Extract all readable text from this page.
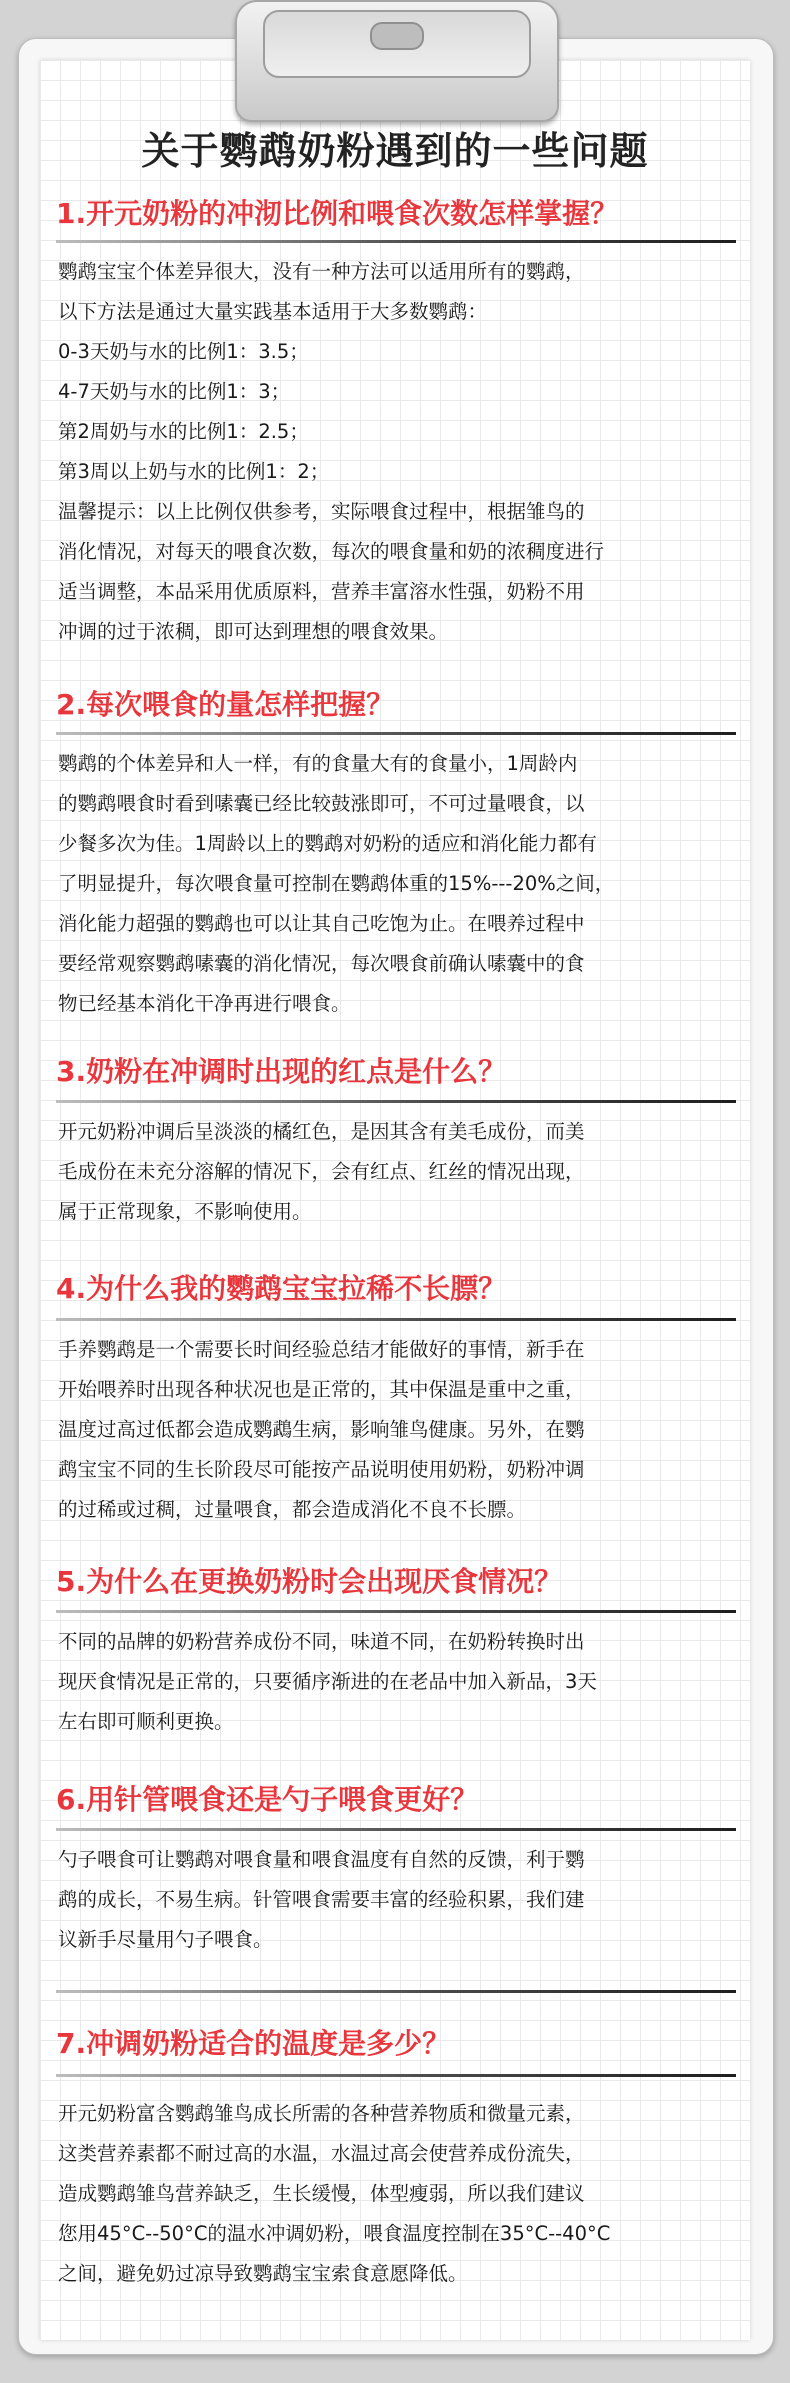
关于鹦鹉奶粉遇到的一些问题
1.开元奶粉的冲沏比例和喂食次数怎样掌握？

鹦鹉宝宝个体差异很大，没有一种方法可以适用所有的鹦鹉，

以下方法是通过大量实践基本适用于大多数鹦鹉：

0-3天奶与水的比例1：3.5；

4-7天奶与水的比例1：3；

第2周奶与水的比例1：2.5；

第3周以上奶与水的比例1：2；

温馨提示：以上比例仅供参考，实际喂食过程中，根据雏鸟的

消化情况，对每天的喂食次数，每次的喂食量和奶的浓稠度进行

适当调整，本品采用优质原料，营养丰富溶水性强，奶粉不用

冲调的过于浓稠，即可达到理想的喂食效果。

2.每次喂食的量怎样把握？

鹦鹉的个体差异和人一样，有的食量大有的食量小，1周龄内

的鹦鹉喂食时看到嗉囊已经比较鼓涨即可，不可过量喂食，以

少餐多次为佳。1周龄以上的鹦鹉对奶粉的适应和消化能力都有

了明显提升，每次喂食量可控制在鹦鹉体重的15%---20%之间，

消化能力超强的鹦鹉也可以让其自己吃饱为止。在喂养过程中

要经常观察鹦鹉嗉囊的消化情况，每次喂食前确认嗉囊中的食

物已经基本消化干净再进行喂食。

3.奶粉在冲调时出现的红点是什么？

开元奶粉冲调后呈淡淡的橘红色，是因其含有美毛成份，而美

毛成份在未充分溶解的情况下，会有红点、红丝的情况出现，

属于正常现象，不影响使用。

4.为什么我的鹦鹉宝宝拉稀不长膘？

手养鹦鹉是一个需要长时间经验总结才能做好的事情，新手在

开始喂养时出现各种状况也是正常的，其中保温是重中之重，

温度过高过低都会造成鹦鵡生病，影响雏鸟健康。另外，在鹦

鹉宝宝不同的生长阶段尽可能按产品说明使用奶粉，奶粉冲调

的过稀或过稠，过量喂食，都会造成消化不良不长膘。

5.为什么在更换奶粉时会出现厌食情况？

不同的品牌的奶粉营养成份不同，味道不同，在奶粉转换时出

现厌食情况是正常的，只要循序渐进的在老品中加入新品，3天

左右即可顺利更换。

6.用针管喂食还是勺子喂食更好？

勺子喂食可让鹦鹉对喂食量和喂食温度有自然的反馈，利于鹦

鹉的成长，不易生病。针管喂食需要丰富的经验积累，我们建

议新手尽量用勺子喂食。

7.冲调奶粉适合的温度是多少？

开元奶粉富含鹦鹉雏鸟成长所需的各种营养物质和微量元素，

这类营养素都不耐过高的水温，水温过高会使营养成份流失，

造成鹦鹉雏鸟营养缺乏，生长缓慢，体型瘦弱，所以我们建议

您用45°C--50°C的温水冲调奶粉，喂食温度控制在35°C--40°C

之间，避免奶过凉导致鹦鹉宝宝索食意愿降低。
